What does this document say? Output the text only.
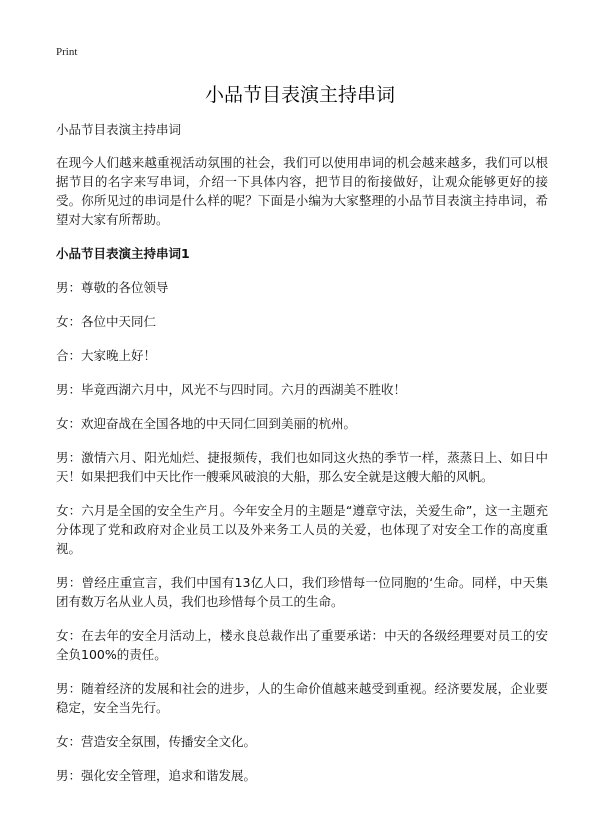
Print
小品节目表演主持串词

小品节目表演主持串词

在现今人们越来越重视活动氛围的社会，我们可以使用串词的机会越来越多，我们可以根据节目的名字来写串词，介绍一下具体内容，把节目的衔接做好，让观众能够更好的接受。你所见过的串词是什么样的呢？下面是小编为大家整理的小品节目表演主持串词，希望对大家有所帮助。

小品节目表演主持串词1

男：尊敬的各位领导

女：各位中天同仁

合：大家晚上好！

男：毕竟西湖六月中，风光不与四时同。六月的西湖美不胜收！

女：欢迎奋战在全国各地的中天同仁回到美丽的杭州。

男：激情六月、阳光灿烂、捷报频传，我们也如同这火热的季节一样，蒸蒸日上、如日中天！如果把我们中天比作一艘乘风破浪的大船，那么安全就是这艘大船的风帆。

女：六月是全国的安全生产月。今年安全月的主题是“遵章守法，关爱生命”，这一主题充分体现了党和政府对企业员工以及外来务工人员的关爱，也体现了对安全工作的高度重视。

男：曾经庄重宣言，我们中国有13亿人口，我们珍惜每一位同胞的‘生命。同样，中天集团有数万名从业人员，我们也珍惜每个员工的生命。

女：在去年的安全月活动上，楼永良总裁作出了重要承诺：中天的各级经理要对员工的安全负100%的责任。

男：随着经济的发展和社会的进步，人的生命价值越来越受到重视。经济要发展，企业要稳定，安全当先行。

女：营造安全氛围，传播安全文化。

男：强化安全管理，追求和谐发展。
